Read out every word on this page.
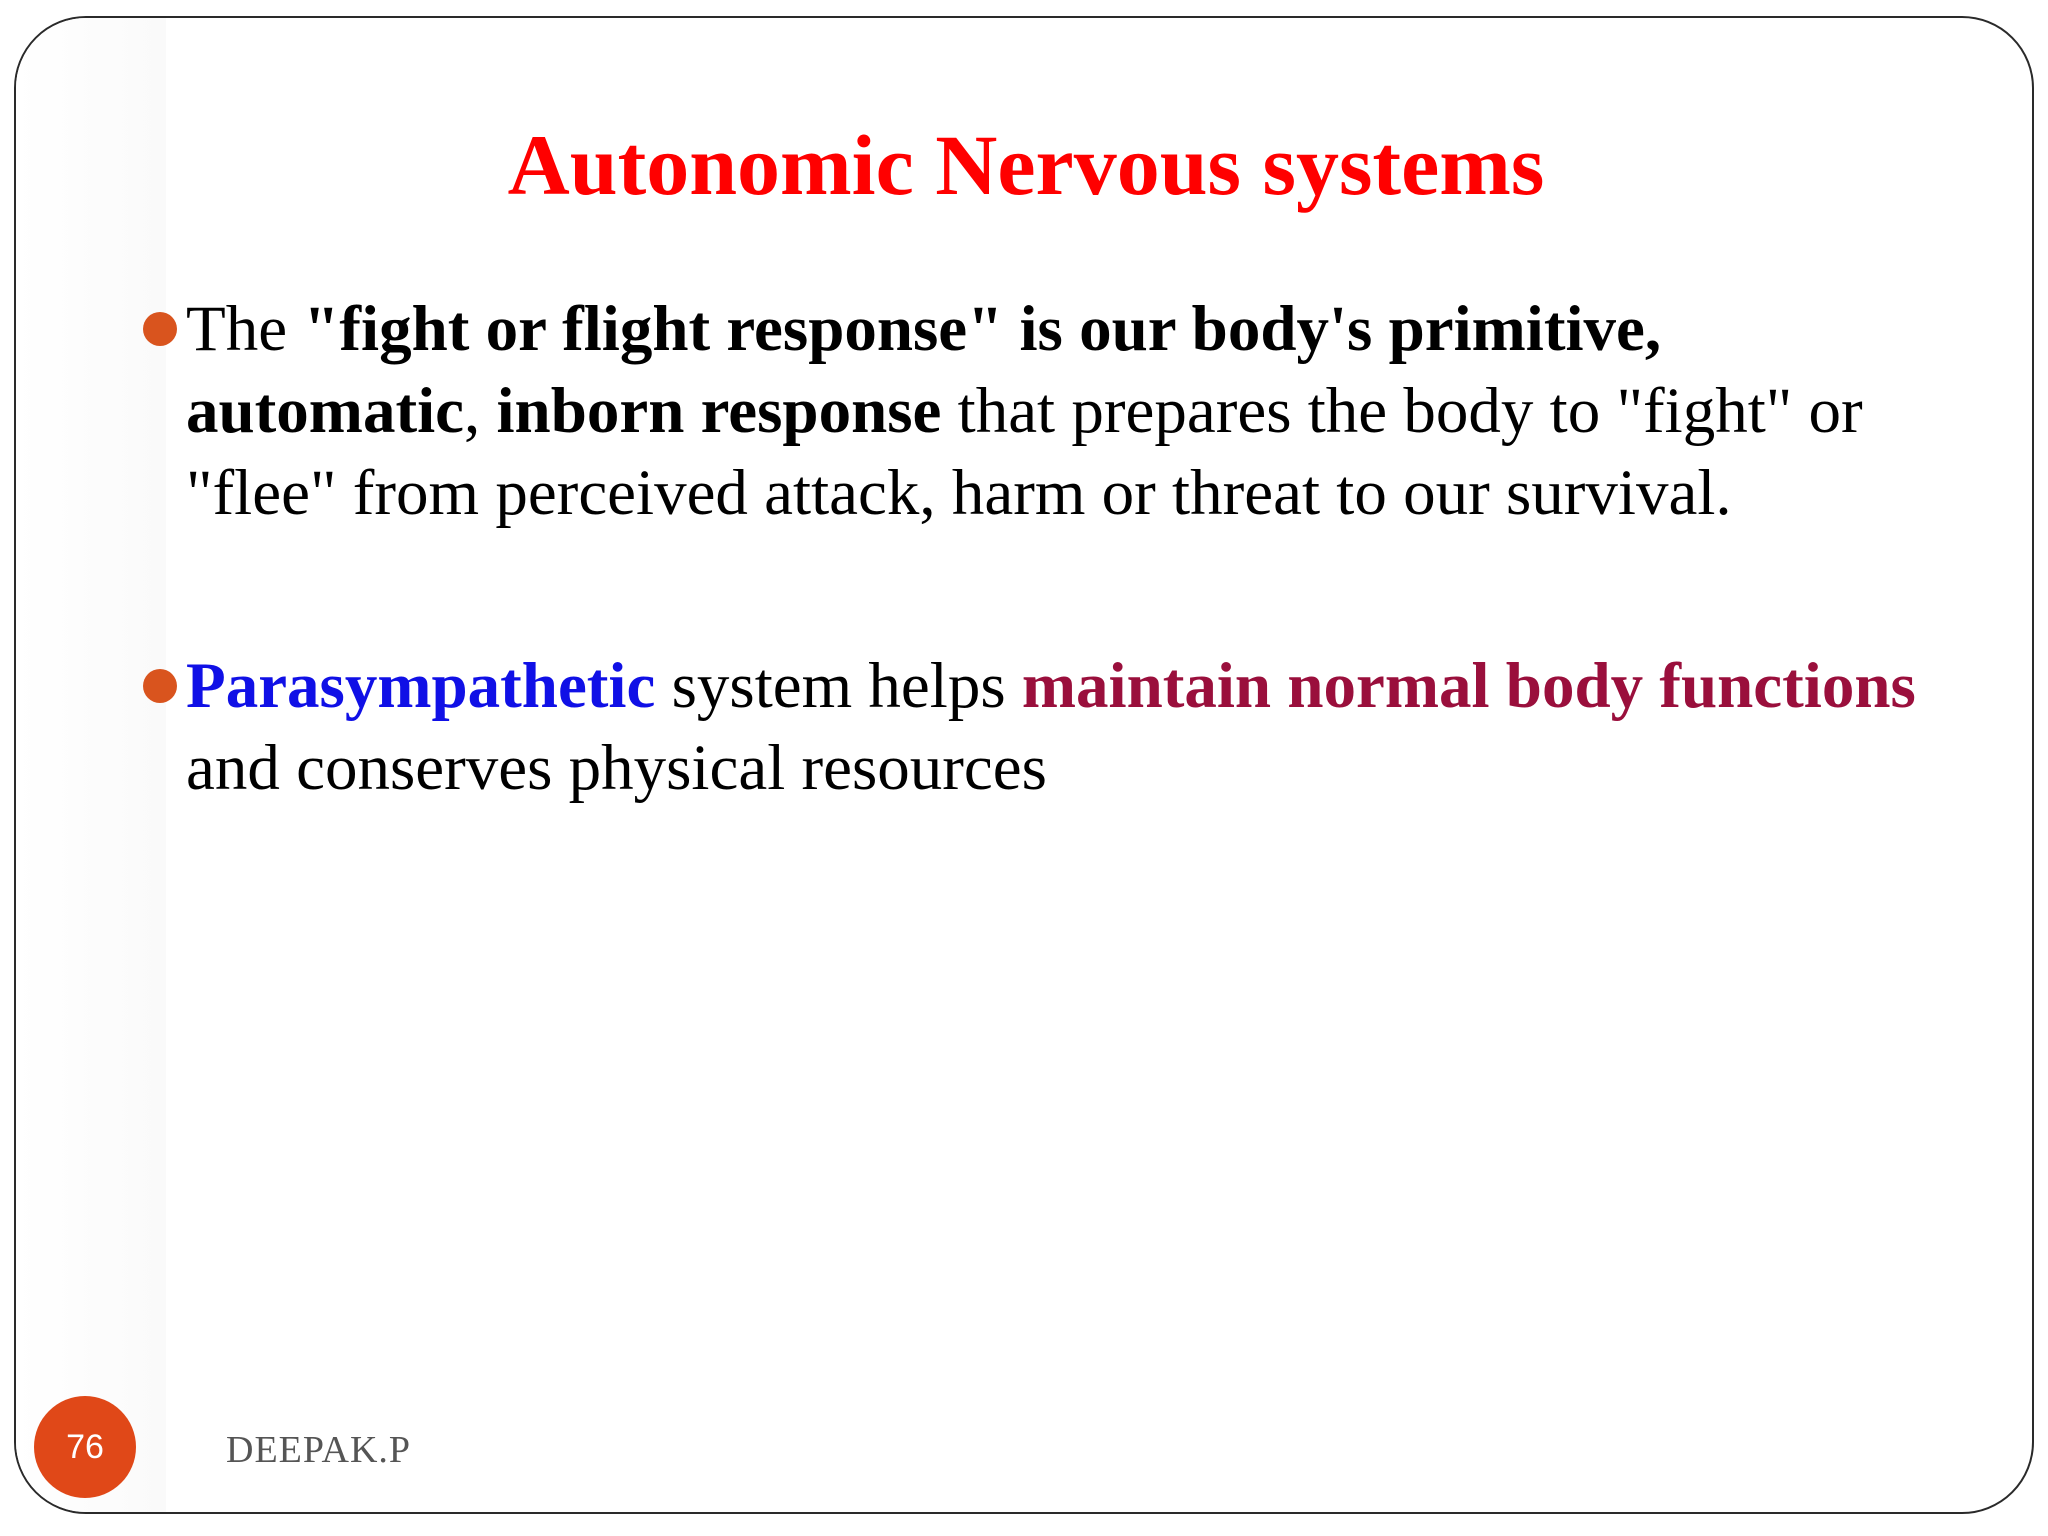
Autonomic Nervous systems
The "fight or flight response" is our body's primitive,
automatic, inborn response that prepares the body to "fight" or "flee" from perceived attack, harm or threat to our survival.
Parasympathetic system helps maintain normal body functions and conserves physical resources
76	DEEPAK.P
